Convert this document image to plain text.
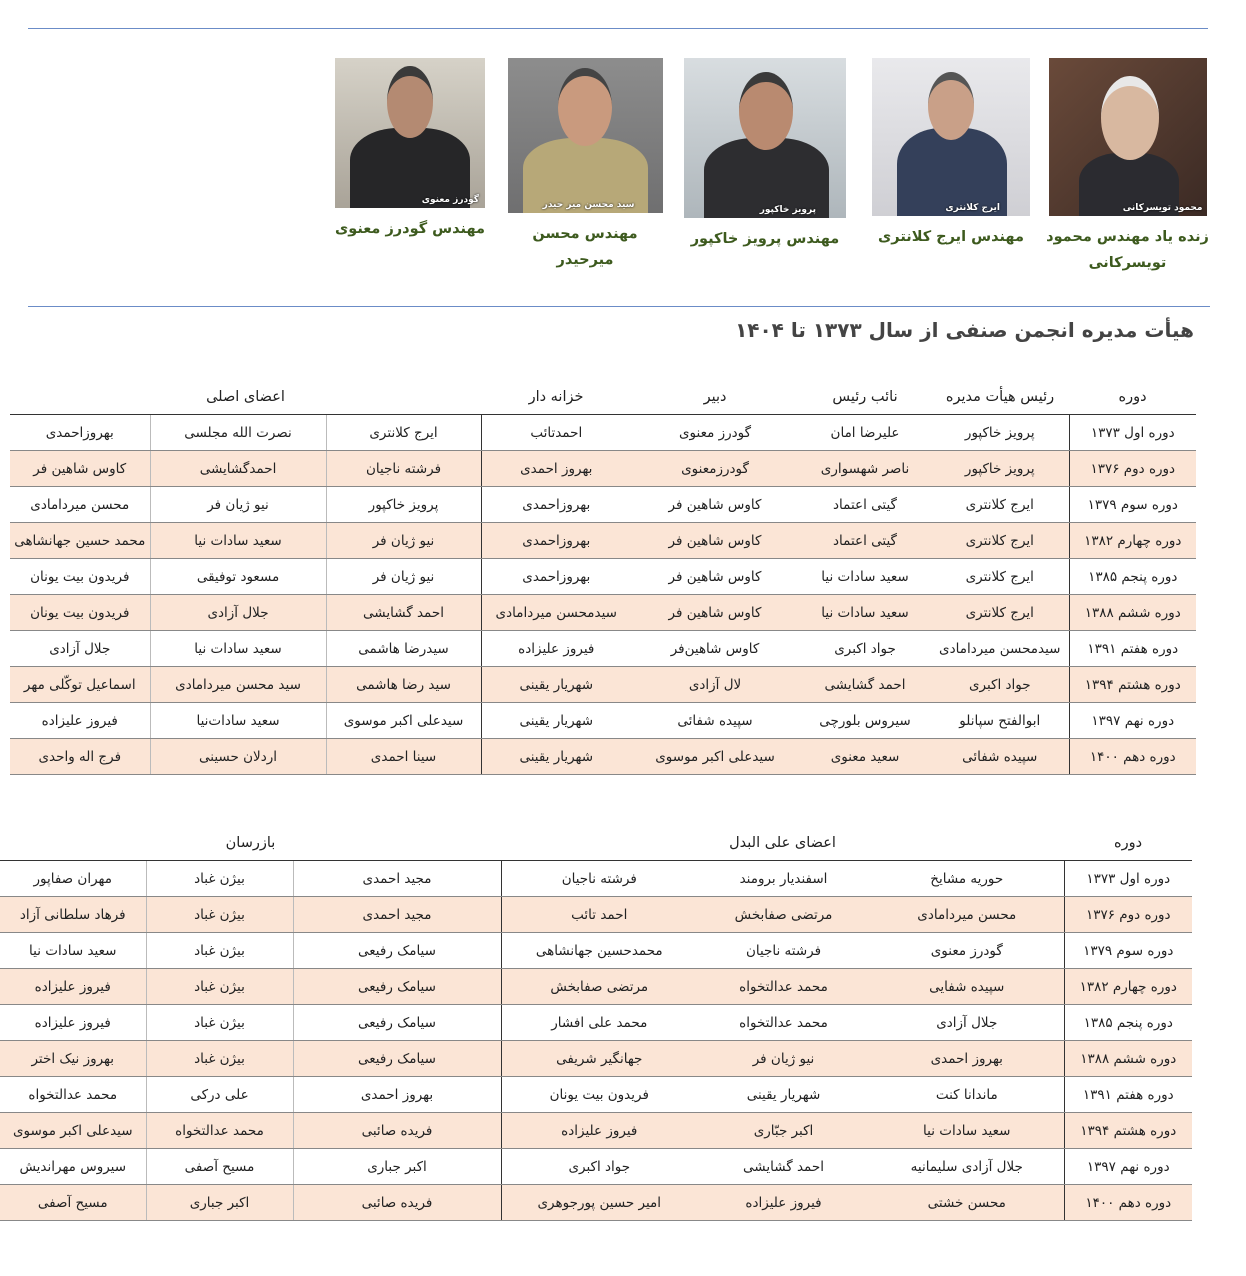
محمود تویسرکانی
زنده یاد مهندس محمود تویسرکانی
ایرج کلانتری
مهندس ایرج کلانتری
پرویز خاکپور
مهندس پرویز خاکپور
سید محسن میر حیدر
مهندس محسن میرحیدر
گودرز معنوی
مهندس گودرز معنوی
هیأت مدیره انجمن صنفی از سال ۱۳۷۳ تا ۱۴۰۴
دوره	رئیس هیأت مدیره	نائب رئیس	دبیر	خزانه دار	اعضای اصلی		
دوره اول ۱۳۷۳	پرویز خاکپور	علیرضا امان	گودرز معنوی	احمدتائب	ایرج کلانتری	نصرت الله مجلسی	بهروزاحمدی
دوره دوم ۱۳۷۶	پرویز خاکپور	ناصر شهسواری	گودرزمعنوی	بهروز احمدی	فرشته ناجیان	احمدگشایشی	کاوس شاهین فر
دوره سوم ۱۳۷۹	ایرج کلانتری	گیتی اعتماد	کاوس شاهین فر	بهروزاحمدی	پرویز خاکپور	نیو ژیان فر	محسن میردامادی
دوره چهارم ۱۳۸۲	ایرج کلانتری	گیتی اعتماد	کاوس شاهین فر	بهروزاحمدی	نیو ژیان فر	سعید سادات نیا	محمد حسین جهانشاهی
دوره پنجم ۱۳۸۵	ایرج کلانتری	سعید سادات نیا	کاوس شاهین فر	بهروزاحمدی	نیو ژیان فر	مسعود توفیقی	فریدون بیت یونان
دوره ششم ۱۳۸۸	ایرج کلانتری	سعید سادات نیا	کاوس شاهین فر	سیدمحسن میردامادی	احمد گشایشی	جلال آزادی	فریدون بیت یونان
دوره هفتم ۱۳۹۱	سیدمحسن میردامادی	جواد اکبری	کاوس شاهین‌فر	فیروز علیزاده	سیدرضا هاشمی	سعید سادات نیا	جلال آزادی
دوره هشتم ۱۳۹۴	جواد اکبری	احمد گشایشی	لال آزادی	شهریار یقینی	سید رضا هاشمی	سید محسن میردامادی	اسماعیل توکّلی مهر
دوره نهم ۱۳۹۷	ابوالفتح سپانلو	سیروس بلورچی	سپیده شفائی	شهریار یقینی	سیدعلی اکبر موسوی	سعید سادات‌نیا	فیروز علیزاده
دوره دهم ۱۴۰۰	سپیده شفائی	سعید معنوی	سیدعلی اکبر موسوی	شهریار یقینی	سینا احمدی	اردلان حسینی	فرج اله واحدی
دوره	اعضای علی البدل			بازرسان		
دوره اول ۱۳۷۳	حوریه مشایخ	اسفندیار برومند	فرشته ناجیان	مجید احمدی	بیژن غباد	مهران صفاپور
دوره دوم ۱۳۷۶	محسن میردامادی	مرتضی صفابخش	احمد تائب	مجید احمدی	بیژن غباد	فرهاد سلطانی آزاد
دوره سوم ۱۳۷۹	گودرز معنوی	فرشته ناجیان	محمدحسین جهانشاهی	سیامک رفیعی	بیژن غباد	سعید سادات نیا
دوره چهارم ۱۳۸۲	سپیده شفایی	محمد عدالتخواه	مرتضی صفابخش	سیامک رفیعی	بیژن غباد	فیروز علیزاده
دوره پنجم ۱۳۸۵	جلال آزادی	محمد عدالتخواه	محمد علی افشار	سیامک رفیعی	بیژن غباد	فیروز علیزاده
دوره ششم ۱۳۸۸	بهروز احمدی	نیو ژیان فر	جهانگیر شریفی	سیامک رفیعی	بیژن غباد	بهروز نیک اختر
دوره هفتم ۱۳۹۱	ماندانا کنت	شهریار یقینی	فریدون بیت یونان	بهروز احمدی	علی درکی	محمد عدالتخواه
دوره هشتم ۱۳۹۴	سعید سادات نیا	اکبر جبّاری	فیروز علیزاده	فریده صائبی	محمد عدالتخواه	سیدعلی اکبر موسوی
دوره نهم ۱۳۹۷	جلال آزادی سلیمانیه	احمد گشایشی	جواد اکبری	اکبر جباری	مسیح آصفی	سیروس مهراندیش
دوره دهم ۱۴۰۰	محسن خشتی	فیروز علیزاده	امیر حسین پورجوهری	فریده صائبی	اکبر جباری	مسیح آصفی
